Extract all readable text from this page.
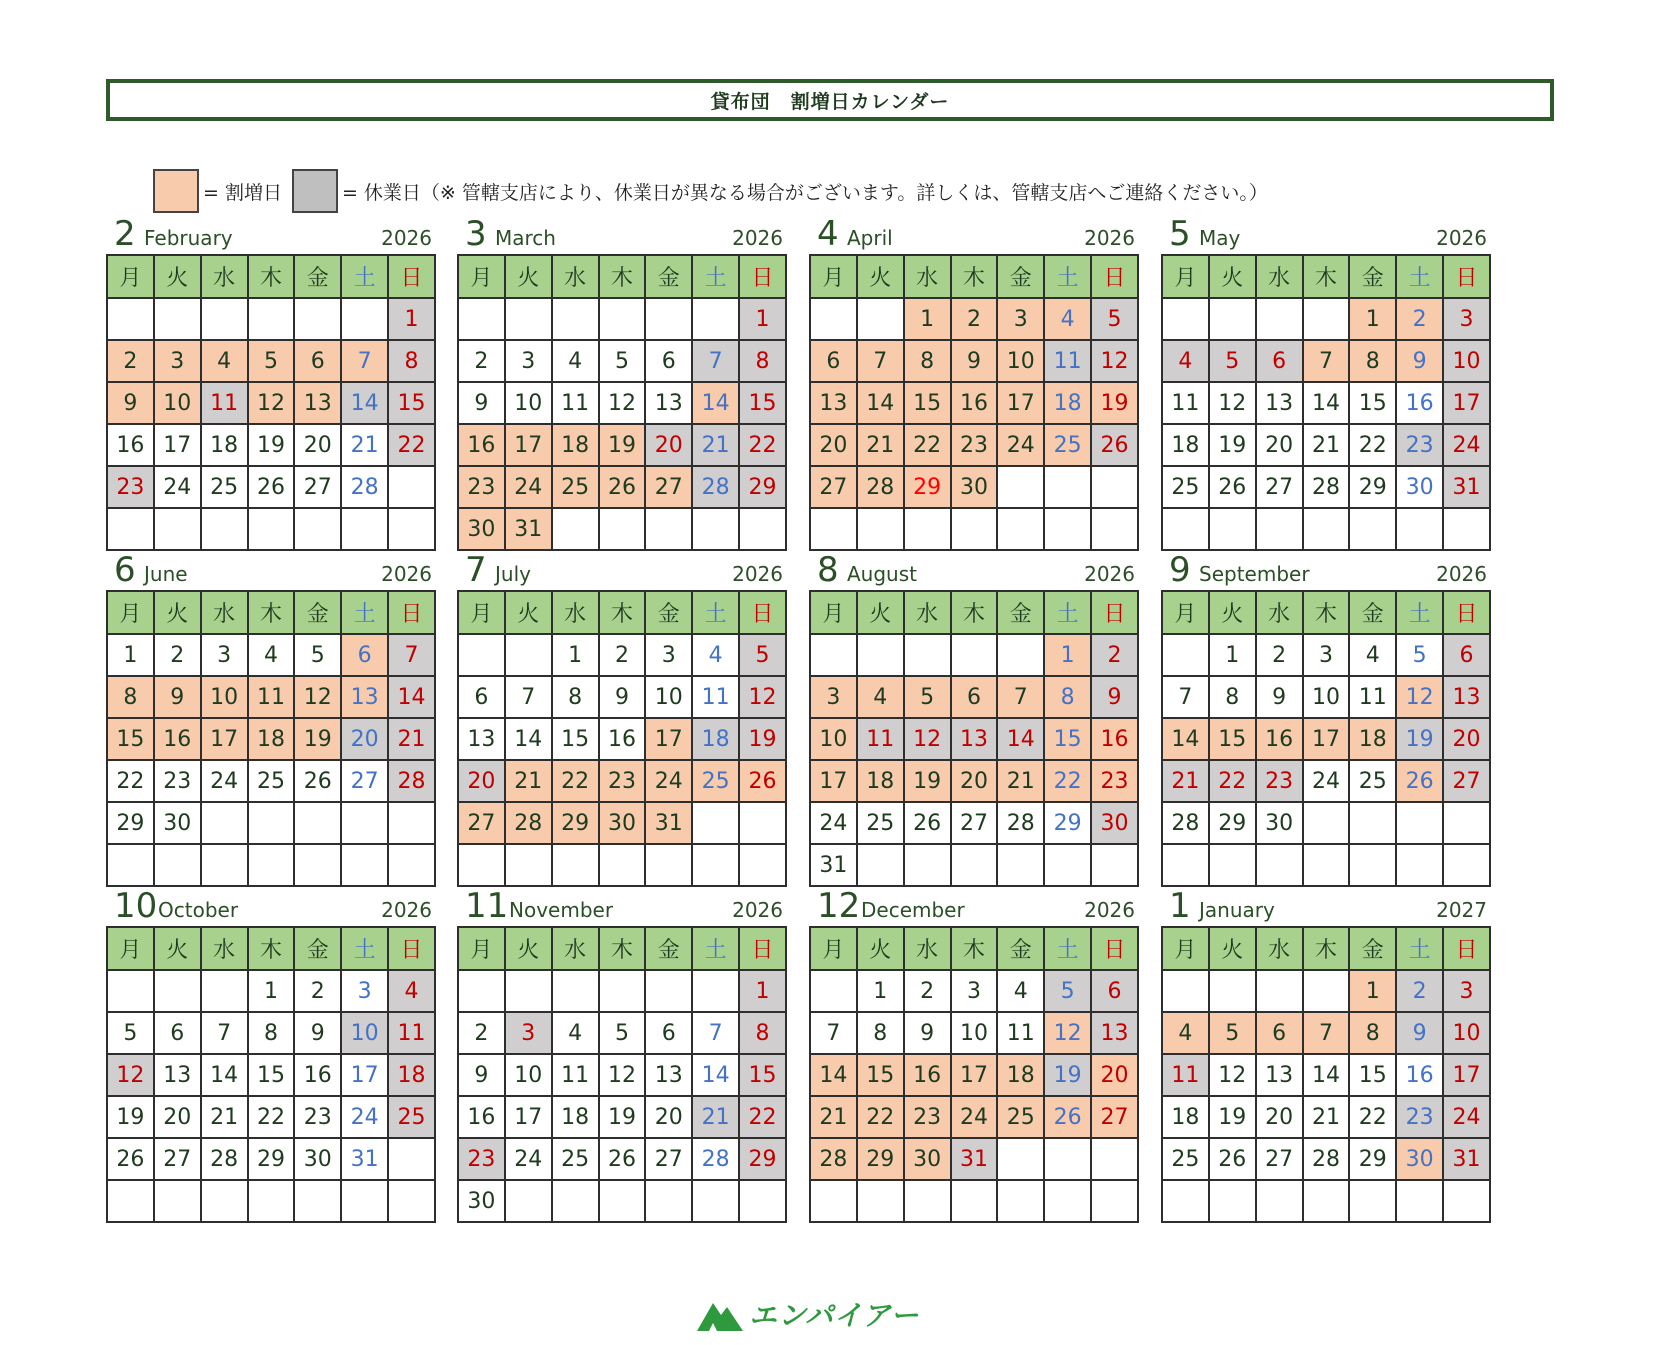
貸布団　割増日カレンダー
= 割増日	= 休業日（※ 管轄支店により、休業日が異なる場合がございます。詳しくは、管轄支店へご連絡ください。）
2 February	2026
月	火	水	木	金	土	日
						1
2	3	4	5	6	7	8
9	10	11	12	13	14	15
16	17	18	19	20	21	22
23	24	25	26	27	28	

3 March	2026
月	火	水	木	金	土	日
						1
2	3	4	5	6	7	8
9	10	11	12	13	14	15
16	17	18	19	20	21	22
23	24	25	26	27	28	29
30	31					
4 April	2026
月	火	水	木	金	土	日
		1	2	3	4	5
6	7	8	9	10	11	12
13	14	15	16	17	18	19
20	21	22	23	24	25	26
27	28	29	30			

5 May	2026
月	火	水	木	金	土	日
				1	2	3
4	5	6	7	8	9	10
11	12	13	14	15	16	17
18	19	20	21	22	23	24
25	26	27	28	29	30	31

6 June	2026
月	火	水	木	金	土	日
1	2	3	4	5	6	7
8	9	10	11	12	13	14
15	16	17	18	19	20	21
22	23	24	25	26	27	28
29	30					

7 July	2026
月	火	水	木	金	土	日
		1	2	3	4	5
6	7	8	9	10	11	12
13	14	15	16	17	18	19
20	21	22	23	24	25	26
27	28	29	30	31		

8 August	2026
月	火	水	木	金	土	日
					1	2
3	4	5	6	7	8	9
10	11	12	13	14	15	16
17	18	19	20	21	22	23
24	25	26	27	28	29	30
31						
9 September	2026
月	火	水	木	金	土	日
	1	2	3	4	5	6
7	8	9	10	11	12	13
14	15	16	17	18	19	20
21	22	23	24	25	26	27
28	29	30				

10 October	2026
月	火	水	木	金	土	日
			1	2	3	4
5	6	7	8	9	10	11
12	13	14	15	16	17	18
19	20	21	22	23	24	25
26	27	28	29	30	31	

11 November	2026
月	火	水	木	金	土	日
						1
2	3	4	5	6	7	8
9	10	11	12	13	14	15
16	17	18	19	20	21	22
23	24	25	26	27	28	29
30						
12 December	2026
月	火	水	木	金	土	日
	1	2	3	4	5	6
7	8	9	10	11	12	13
14	15	16	17	18	19	20
21	22	23	24	25	26	27
28	29	30	31			

1 January	2027
月	火	水	木	金	土	日
				1	2	3
4	5	6	7	8	9	10
11	12	13	14	15	16	17
18	19	20	21	22	23	24
25	26	27	28	29	30	31

エンパイアー
